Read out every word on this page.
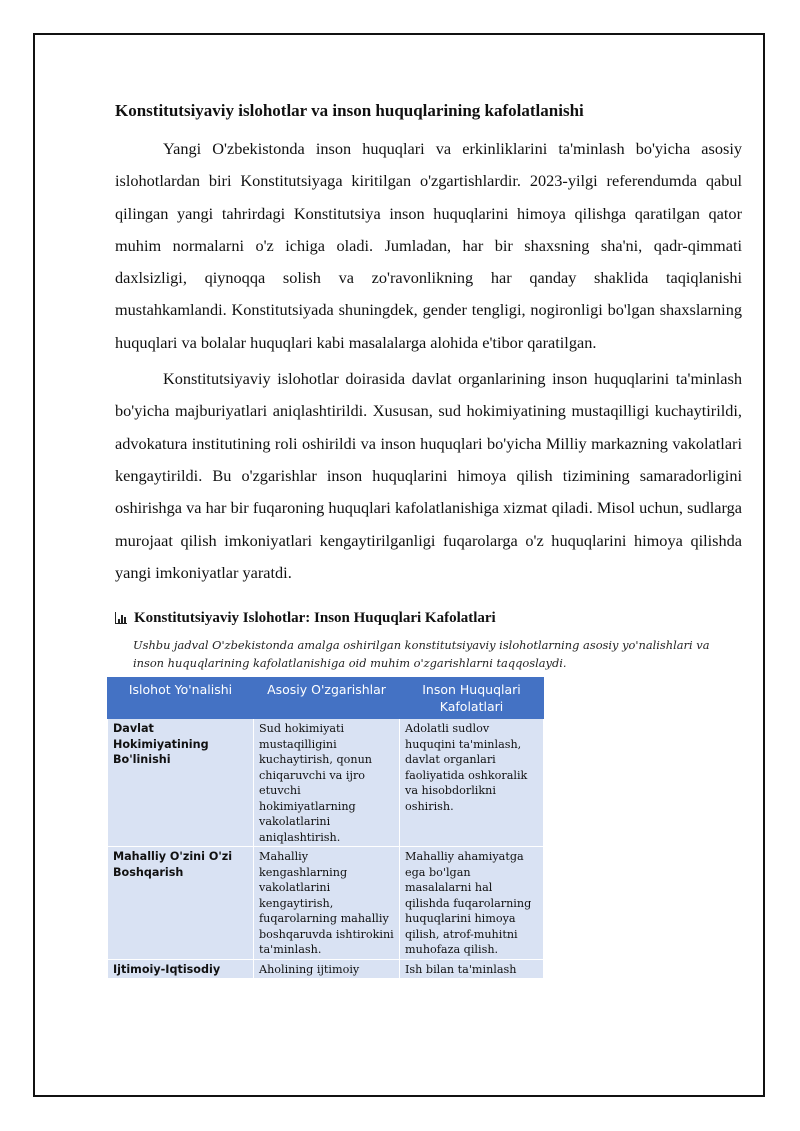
Konstitutsiyaviy islohotlar va inson huquqlarining kafolatlanishi

Yangi O'zbekistonda inson huquqlari va erkinliklarini ta'minlash bo'yicha asosiy islohotlardan biri Konstitutsiyaga kiritilgan o'zgartishlardir. 2023-yilgi referendumda qabul qilingan yangi tahrirdagi Konstitutsiya inson huquqlarini himoya qilishga qaratilgan qator muhim normalarni o'z ichiga oladi. Jumladan, har bir shaxsning sha'ni, qadr-qimmati daxlsizligi, qiynoqqa solish va zo'ravonlikning har qanday shaklida taqiqlanishi mustahkamlandi. Konstitutsiyada shuningdek, gender tengligi, nogironligi bo'lgan shaxslarning huquqlari va bolalar huquqlari kabi masalalarga alohida e'tibor qaratilgan.

Konstitutsiyaviy islohotlar doirasida davlat organlarining inson huquqlarini ta'minlash bo'yicha majburiyatlari aniqlashtirildi. Xususan, sud hokimiyatining mustaqilligi kuchaytirildi, advokatura institutining roli oshirildi va inson huquqlari bo'yicha Milliy markazning vakolatlari kengaytirildi. Bu o'zgarishlar inson huquqlarini himoya qilish tizimining samaradorligini oshirishga va har bir fuqaroning huquqlari kafolatlanishiga xizmat qiladi. Misol uchun, sudlarga murojaat qilish imkoniyatlari kengaytirilganligi fuqarolarga o'z huquqlarini himoya qilishda yangi imkoniyatlar yaratdi.

Konstitutsiyaviy Islohotlar: Inson Huquqlari Kafolatlari
Ushbu jadval O'zbekistonda amalga oshirilgan konstitutsiyaviy islohotlarning asosiy yo'nalishlari va inson huquqlarining kafolatlanishiga oid muhim o'zgarishlarni taqqoslaydi.
Islohot Yo'nalishi	Asosiy O'zgarishlar	Inson Huquqlari Kafolatlari
Davlat Hokimiyatining Bo'linishi	Sud hokimiyati mustaqilligini kuchaytirish, qonun chiqaruvchi va ijro etuvchi hokimiyatlarning vakolatlarini aniqlashtirish.	Adolatli sudlov huquqini ta'minlash, davlat organlari faoliyatida oshkoralik va hisobdorlikni oshirish.
Mahalliy O'zini O'zi Boshqarish	Mahalliy kengashlarning vakolatlarini kengaytirish, fuqarolarning mahalliy boshqaruvda ishtirokini ta'minlash.	Mahalliy ahamiyatga ega bo'lgan masalalarni hal qilishda fuqarolarning huquqlarini himoya qilish, atrof-muhitni muhofaza qilish.
Ijtimoiy-Iqtisodiy	Aholining ijtimoiy	Ish bilan ta'minlash
